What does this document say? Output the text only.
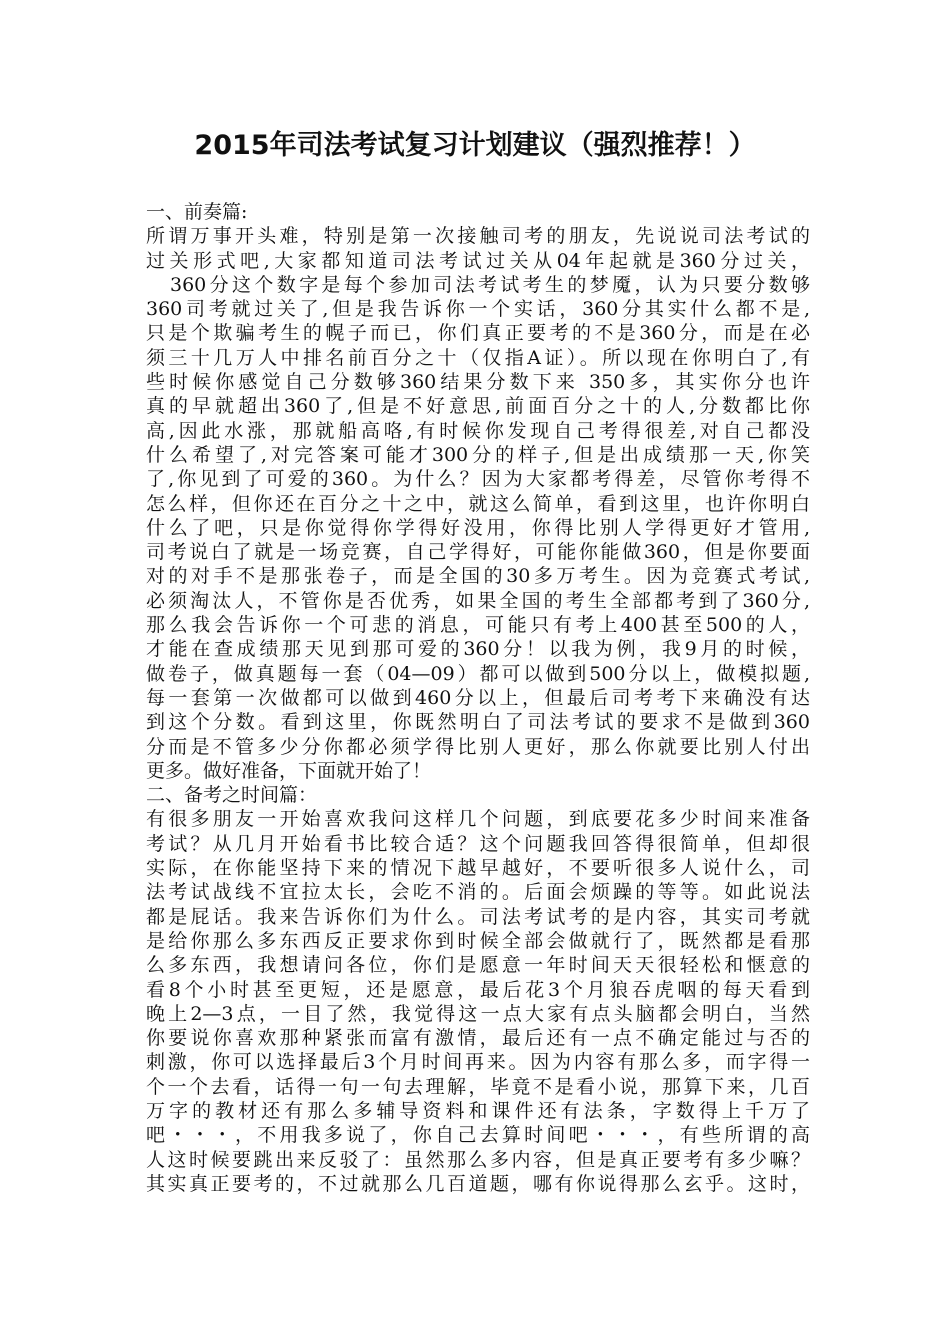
2015年司法考试复习计划建议（强烈推荐！）
一、前奏篇:
所谓万事开头难，特别是第一次接触司考的朋友，先说说司法考试的
过关形式吧,大家都知道司法考试过关从04年起就是360分过关，
360分这个数字是每个参加司法考试考生的梦魇，认为只要分数够
360司考就过关了,但是我告诉你一个实话，360分其实什么都不是,
只是个欺骗考生的幌子而已，你们真正要考的不是360分，而是在必
须三十几万人中排名前百分之十（仅指A证）。所以现在你明白了,有
些时候你感觉自己分数够360结果分数下来 350多，其实你分也许
真的早就超出360了,但是不好意思,前面百分之十的人,分数都比你
高,因此水涨，那就船高咯,有时候你发现自己考得很差,对自己都没
什么希望了,对完答案可能才300分的样子,但是出成绩那一天,你笑
了,你见到了可爱的360。为什么？因为大家都考得差，尽管你考得不
怎么样，但你还在百分之十之中，就这么简单，看到这里，也许你明白
什么了吧，只是你觉得你学得好没用，你得比别人学得更好才管用,
司考说白了就是一场竞赛，自己学得好，可能你能做360，但是你要面
对的对手不是那张卷子，而是全国的30多万考生。因为竞赛式考试,
必须淘汰人，不管你是否优秀，如果全国的考生全部都考到了360分,
那么我会告诉你一个可悲的消息，可能只有考上400甚至500的人，
才能在查成绩那天见到那可爱的360分！以我为例，我9月的时候，
做卷子，做真题每一套（04—09）都可以做到500分以上，做模拟题,
每一套第一次做都可以做到460分以上，但最后司考考下来确没有达
到这个分数。看到这里，你既然明白了司法考试的要求不是做到360
分而是不管多少分你都必须学得比别人更好，那么你就要比别人付出
更多。做好准备，下面就开始了！
二、备考之时间篇：
有很多朋友一开始喜欢我问这样几个问题，到底要花多少时间来准备
考试？从几月开始看书比较合适？这个问题我回答得很简单，但却很
实际，在你能坚持下来的情况下越早越好，不要听很多人说什么，司
法考试战线不宜拉太长，会吃不消的。后面会烦躁的等等。如此说法
都是屁话。我来告诉你们为什么。司法考试考的是内容，其实司考就
是给你那么多东西反正要求你到时候全部会做就行了，既然都是看那
么多东西，我想请问各位，你们是愿意一年时间天天很轻松和惬意的
看8个小时甚至更短，还是愿意，最后花3个月狼吞虎咽的每天看到
晚上2—3点，一目了然，我觉得这一点大家有点头脑都会明白，当然
你要说你喜欢那种紧张而富有激情，最后还有一点不确定能过与否的
刺激，你可以选择最后3个月时间再来。因为内容有那么多，而字得一
个一个去看，话得一句一句去理解，毕竟不是看小说，那算下来，几百
万字的教材还有那么多辅导资料和课件还有法条，字数得上千万了
吧・・・，不用我多说了，你自己去算时间吧・・・，有些所谓的高
人这时候要跳出来反驳了：虽然那么多内容，但是真正要考有多少嘛？
其实真正要考的，不过就那么几百道题，哪有你说得那么玄乎。这时，
